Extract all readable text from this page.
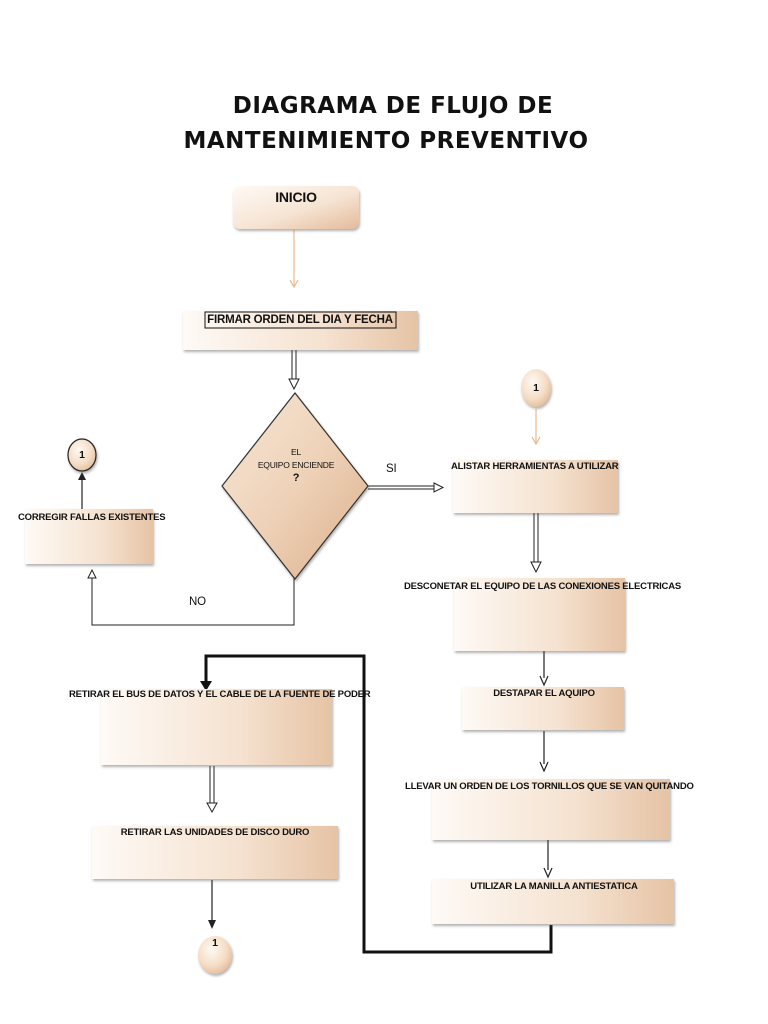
DIAGRAMA DE FLUJO DE
MANTENIMIENTO PREVENTIVO
INICIO
FIRMAR ORDEN DEL DIA Y FECHA
EL
EQUIPO ENCIENDE
?
SI
NO
CORREGIR FALLAS EXISTENTES
ALISTAR HERRAMIENTAS A UTILIZAR
DESCONETAR EL EQUIPO DE LAS CONEXIONES ELECTRICAS
DESTAPAR EL AQUIPO
LLEVAR UN ORDEN DE LOS TORNILLOS QUE SE VAN QUITANDO
UTILIZAR LA MANILLA ANTIESTATICA
RETIRAR EL BUS DE DATOS Y EL CABLE DE LA FUENTE DE PODER
RETIRAR LAS UNIDADES DE DISCO DURO
1
1
1
